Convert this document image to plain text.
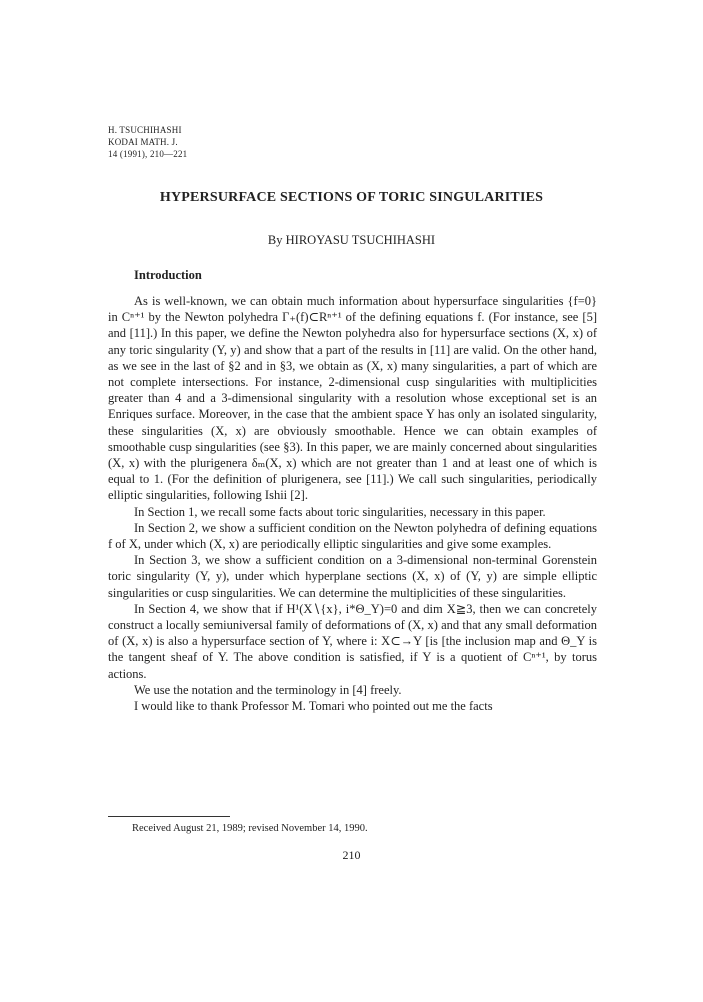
H. TSUCHIHASHI
KODAI MATH. J.
14 (1991), 210—221
HYPERSURFACE SECTIONS OF TORIC SINGULARITIES
By HIROYASU TSUCHIHASHI
Introduction

As is well-known, we can obtain much information about hypersurface singularities {f=0} in Cⁿ⁺¹ by the Newton polyhedra Γ₊(f)⊂Rⁿ⁺¹ of the defining equations f. (For instance, see [5] and [11].) In this paper, we define the Newton polyhedra also for hypersurface sections (X, x) of any toric singularity (Y, y) and show that a part of the results in [11] are valid. On the other hand, as we see in the last of §2 and in §3, we obtain as (X, x) many singularities, a part of which are not complete intersections. For instance, 2-dimensional cusp singularities with multiplicities greater than 4 and a 3-dimensional singularity with a resolution whose exceptional set is an Enriques surface. Moreover, in the case that the ambient space Y has only an isolated singularity, these singularities (X, x) are obviously smoothable. Hence we can obtain examples of smoothable cusp singularities (see §3). In this paper, we are mainly concerned about singularities (X, x) with the plurigenera δₘ(X, x) which are not greater than 1 and at least one of which is equal to 1. (For the definition of plurigenera, see [11].) We call such singularities, periodically elliptic singularities, following Ishii [2].

In Section 1, we recall some facts about toric singularities, necessary in this paper.

In Section 2, we show a sufficient condition on the Newton polyhedra of defining equations f of X, under which (X, x) are periodically elliptic singularities and give some examples.

In Section 3, we show a sufficient condition on a 3-dimensional non-terminal Gorenstein toric singularity (Y, y), under which hyperplane sections (X, x) of (Y, y) are simple elliptic singularities or cusp singularities. We can determine the multiplicities of these singularities.

In Section 4, we show that if H¹(X∖{x}, i*Θ_Y)=0 and dim X≧3, then we can concretely construct a locally semiuniversal family of deformations of (X, x) and that any small deformation of (X, x) is also a hypersurface section of Y, where i: X⊂→Y [is [the inclusion map and Θ_Y is the tangent sheaf of Y. The above condition is satisfied, if Y is a quotient of Cⁿ⁺¹, by torus actions.

We use the notation and the terminology in [4] freely.

I would like to thank Professor M. Tomari who pointed out me the facts

Received August 21, 1989; revised November 14, 1990.
210
